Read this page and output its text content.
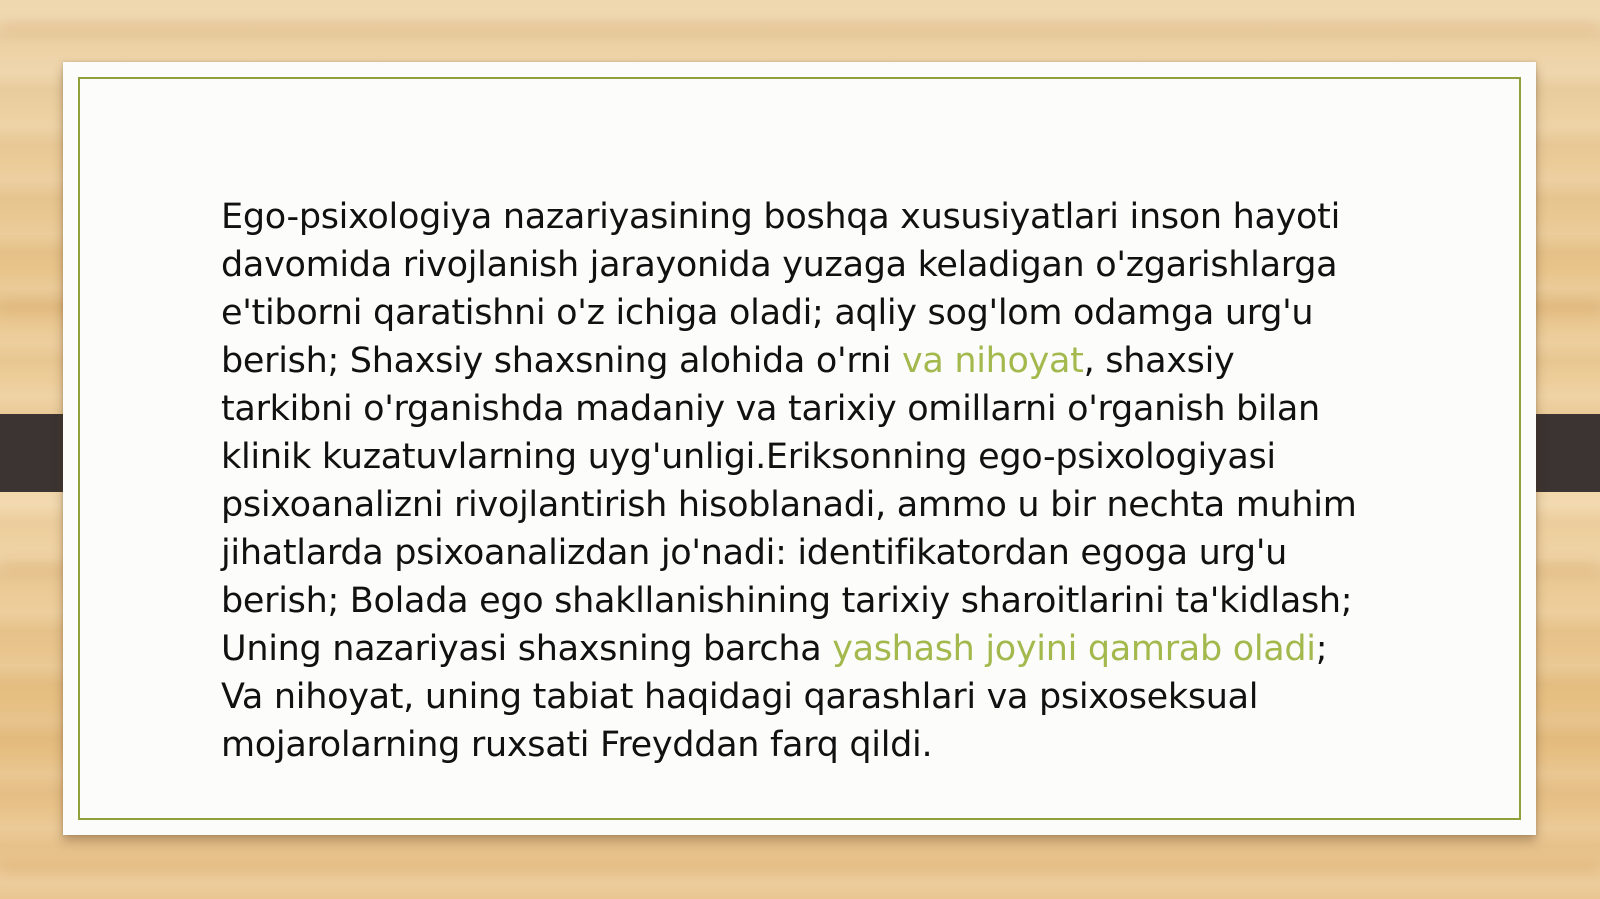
Ego-psixologiya nazariyasining boshqa xususiyatlari inson hayoti davomida rivojlanish jarayonida yuzaga keladigan o'zgarishlarga e'tiborni qaratishni o'z ichiga oladi; aqliy sog'lom odamga urg'u berish; Shaxsiy shaxsning alohida o'rni va nihoyat, shaxsiy tarkibni o'rganishda madaniy va tarixiy omillarni o'rganish bilan klinik kuzatuvlarning uyg'unligi.Eriksonning ego-psixologiyasi psixoanalizni rivojlantirish hisoblanadi, ammo u bir nechta muhim jihatlarda psixoanalizdan jo'nadi: identifikatordan egoga urg'u berish; Bolada ego shakllanishining tarixiy sharoitlarini ta'kidlash; Uning nazariyasi shaxsning barcha yashash joyini qamrab oladi; Va nihoyat, uning tabiat haqidagi qarashlari va psixoseksual mojarolarning ruxsati Freyddan farq qildi.
